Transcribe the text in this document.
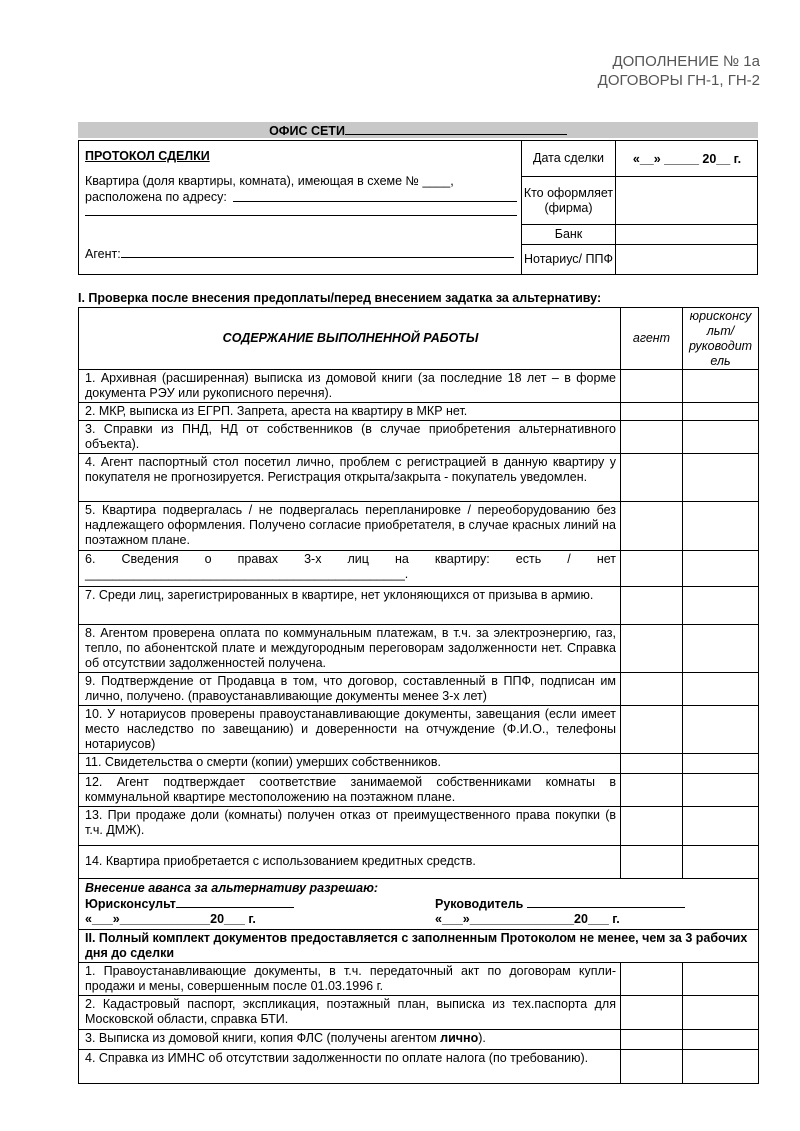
ДОПОЛНЕНИЕ № 1а
ДОГОВОРЫ ГН-1, ГН-2
ОФИС СЕТИ
ПРОТОКОЛ СДЕЛКИ
Квартира (доля квартиры, комната), имеющая в схеме № ____,
расположена по адресу:
Агент:
Дата сделки	«__» _____ 20__ г.
Кто оформляет (фирма)
Банк
Нотариус/ ППФ
I. Проверка после внесения предоплаты/перед внесением задатка за альтернативу:
СОДЕРЖАНИЕ ВЫПОЛНЕННОЙ РАБОТЫ	агент	юрисконсу льт/ руководит ель
1. Архивная (расширенная) выписка из домовой книги (за последние 18 лет – в форме документа РЭУ или рукописного перечня).		
2. МКР, выписка из ЕГРП. Запрета, ареста на квартиру в МКР нет.		
3. Справки из ПНД, НД от собственников (в случае приобретения альтернативного объекта).		
4. Агент паспортный стол посетил лично, проблем с регистрацией в данную квартиру у покупателя не прогнозируется. Регистрация открыта/закрыта - покупатель уведомлен.		
5. Квартира подвергалась / не подвергалась перепланировке / переоборудованию без надлежащего оформления. Получено согласие приобретателя, в случае красных линий на поэтажном плане.		
6. Сведения о правах 3-х лиц на квартиру: есть / нет ______________________________________________.		
7. Среди лиц, зарегистрированных в квартире, нет уклоняющихся от призыва в армию.		
8. Агентом проверена оплата по коммунальным платежам, в т.ч. за электроэнергию, газ, теплo, по абонентской плате и междугородным переговорам задолженности нет. Справка об отсутствии задолженностей получена.		
9. Подтверждение от Продавца в том, что договор, составленный в ППФ, подписан им лично, получено. (правоустанавливающие документы менее 3-х лет)		
10. У нотариусов проверены правоустанавливающие документы, завещания (если имеет место наследство по завещанию) и доверенности на отчуждение (Ф.И.О., телефоны нотариусов)		
11. Свидетельства о смерти (копии) умерших собственников.		
12. Агент подтверждает соответствие занимаемой собственниками комнаты в коммунальной квартире местоположению на поэтажном плане.		
13. При продаже доли (комнаты) получен отказ от преимущественного права покупки (в т.ч. ДМЖ).		
14. Квартира приобретается с использованием кредитных средств.		

Внесение аванса за альтернативу разрешаю:
Юрисконсульт Руководитель
«___»_____________20___ г. «___»_______________20___ г.		

II. Полный комплект документов предоставляется с заполненным Протоколом не менее, чем за 3 рабочих дня до сделки		
1. Правоустанавливающие документы, в т.ч. передаточный акт по договорам купли-продажи и мены, совершенным после 01.03.1996 г.		
2. Кадастровый паспорт, экспликация, поэтажный план, выписка из тех.паспорта для Московской области, справка БТИ.		
3. Выписка из домовой книги, копия ФЛС (получены агентом лично).		
4. Справка из ИМНС об отсутствии задолженности по оплате налога (по требованию).		
